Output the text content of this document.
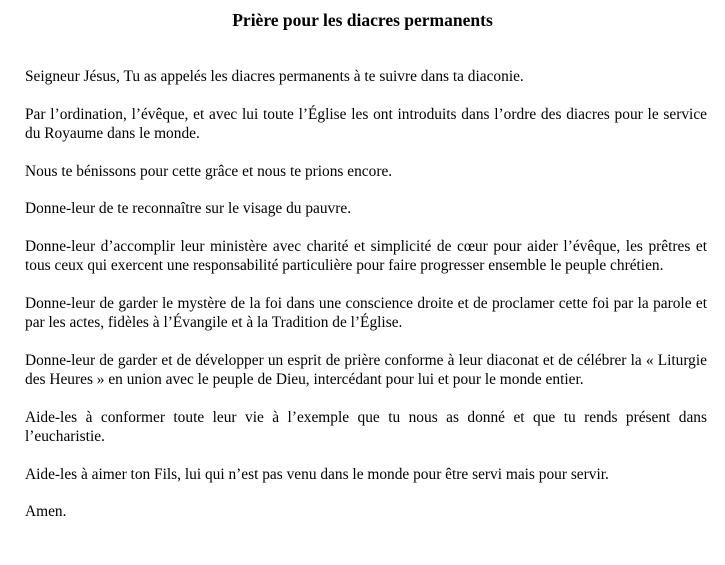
Prière pour les diacres permanents

Seigneur Jésus, Tu as appelés les diacres permanents à te suivre dans ta diaconie.

Par l’ordination, l’évêque, et avec lui toute l’Église les ont introduits dans l’ordre des diacres pour le service du Royaume dans le monde.

Nous te bénissons pour cette grâce et nous te prions encore.

Donne-leur de te reconnaître sur le visage du pauvre.

Donne-leur d’accomplir leur ministère avec charité et simplicité de cœur pour aider l’évêque, les prêtres et tous ceux qui exercent une responsabilité particulière pour faire progresser ensemble le peuple chrétien.

Donne-leur de garder le mystère de la foi dans une conscience droite et de proclamer cette foi par la parole et par les actes, fidèles à l’Évangile et à la Tradition de l’Église.

Donne-leur de garder et de développer un esprit de prière conforme à leur diaconat et de célébrer la « Liturgie des Heures » en union avec le peuple de Dieu, intercédant pour lui et pour le monde entier.

Aide-les à conformer toute leur vie à l’exemple que tu nous as donné et que tu rends présent dans l’eucharistie.

Aide-les à aimer ton Fils, lui qui n’est pas venu dans le monde pour être servi mais pour servir.

Amen.
